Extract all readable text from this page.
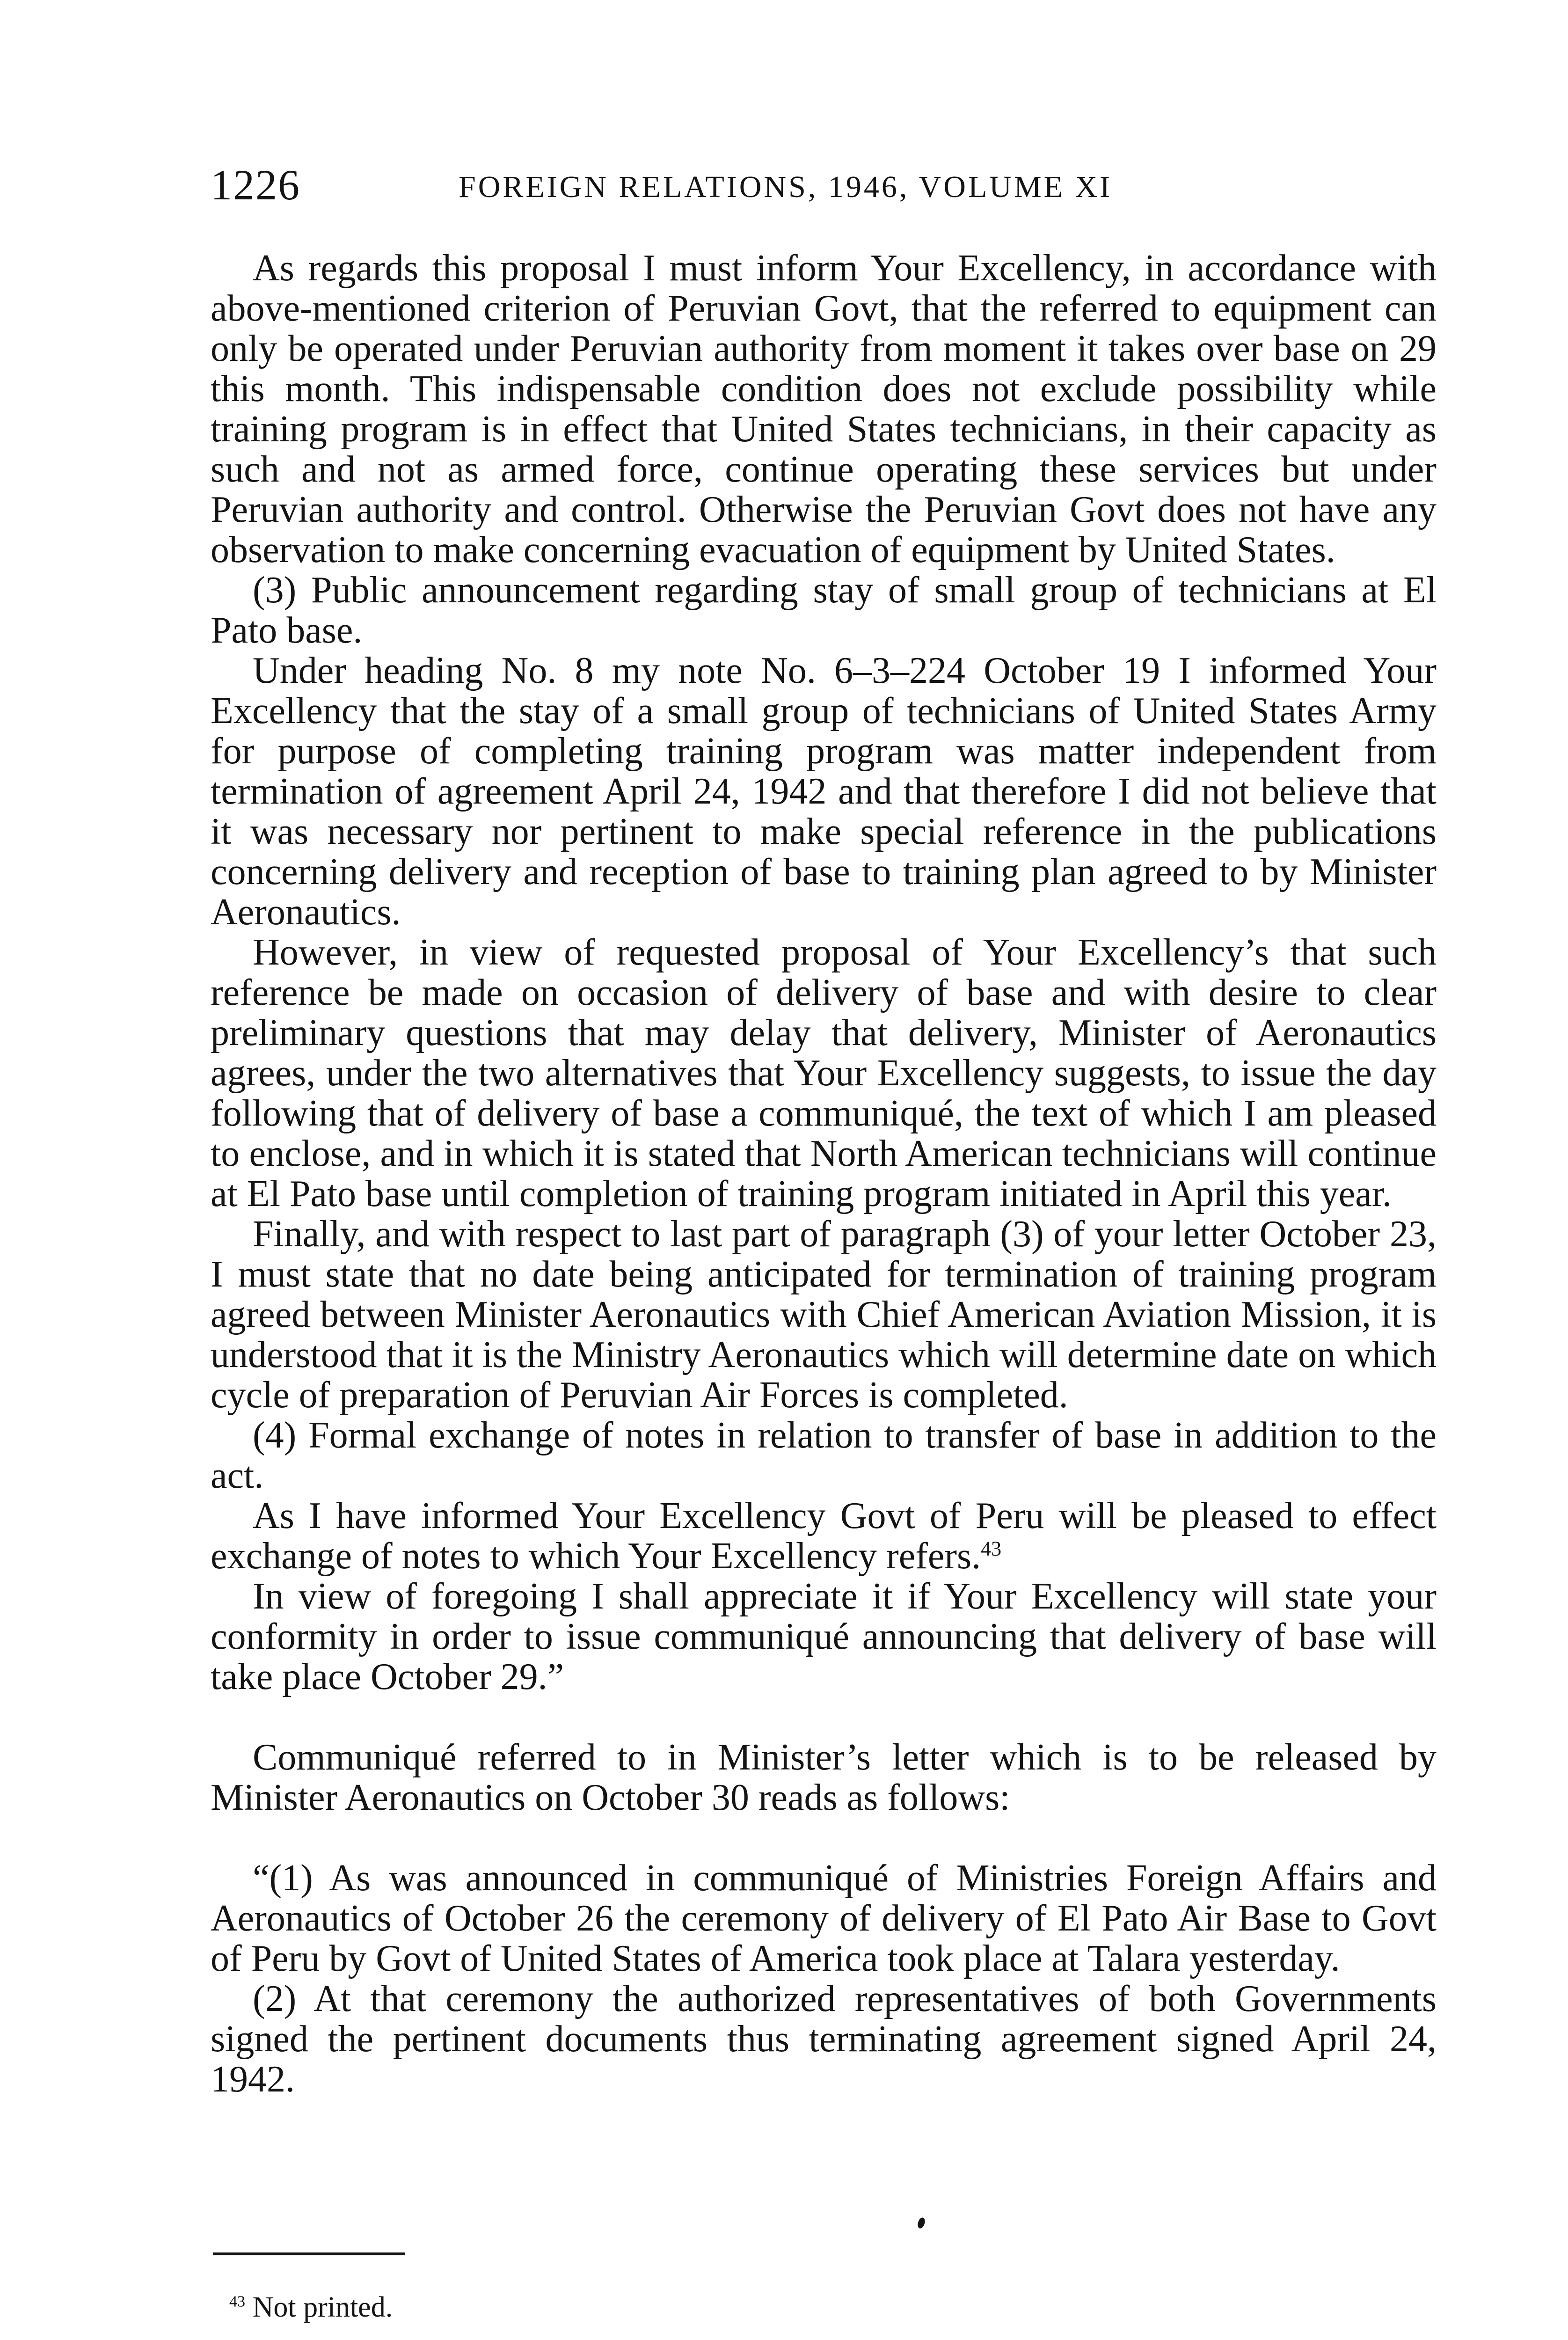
1226	FOREIGN RELATIONS, 1946, VOLUME XI

As regards this proposal I must inform Your Excellency, in accordance with above-mentioned criterion of Peruvian Govt, that the referred to equipment can only be operated under Peruvian authority from moment it takes over base on 29 this month. This indispensable condition does not exclude possibility while training program is in effect that United States technicians, in their capacity as such and not as armed force, continue operating these services but under Peruvian authority and control. Otherwise the Peruvian Govt does not have any observation to make concerning evacuation of equipment by United States.

(3) Public announcement regarding stay of small group of technicians at El Pato base.

Under heading No. 8 my note No. 6–3–224 October 19 I informed Your Excellency that the stay of a small group of technicians of United States Army for purpose of completing training program was matter independent from termination of agreement April 24, 1942 and that therefore I did not believe that it was necessary nor pertinent to make special reference in the publications concerning delivery and reception of base to training plan agreed to by Minister Aeronautics.

However, in view of requested proposal of Your Excellency’s that such reference be made on occasion of delivery of base and with desire to clear preliminary questions that may delay that delivery, Minister of Aeronautics agrees, under the two alternatives that Your Excellency suggests, to issue the day following that of delivery of base a communiqué, the text of which I am pleased to enclose, and in which it is stated that North American technicians will continue at El Pato base until completion of training program initiated in April this year.

Finally, and with respect to last part of paragraph (3) of your letter October 23, I must state that no date being anticipated for termination of training program agreed between Minister Aeronautics with Chief American Aviation Mission, it is understood that it is the Ministry Aeronautics which will determine date on which cycle of preparation of Peruvian Air Forces is completed.

(4) Formal exchange of notes in relation to transfer of base in addition to the act.

As I have informed Your Excellency Govt of Peru will be pleased to effect exchange of notes to which Your Excellency refers.$^{43}$

In view of foregoing I shall appreciate it if Your Excellency will state your conformity in order to issue communiqué announcing that delivery of base will take place October 29.”

Communiqué referred to in Minister’s letter which is to be released by Minister Aeronautics on October 30 reads as follows:

“(1) As was announced in communiqué of Ministries Foreign Affairs and Aeronautics of October 26 the ceremony of delivery of El Pato Air Base to Govt of Peru by Govt of United States of America took place at Talara yesterday.

(2) At that ceremony the authorized representatives of both Governments signed the pertinent documents thus terminating agreement signed April 24, 1942.

$^{43}$ Not printed.
